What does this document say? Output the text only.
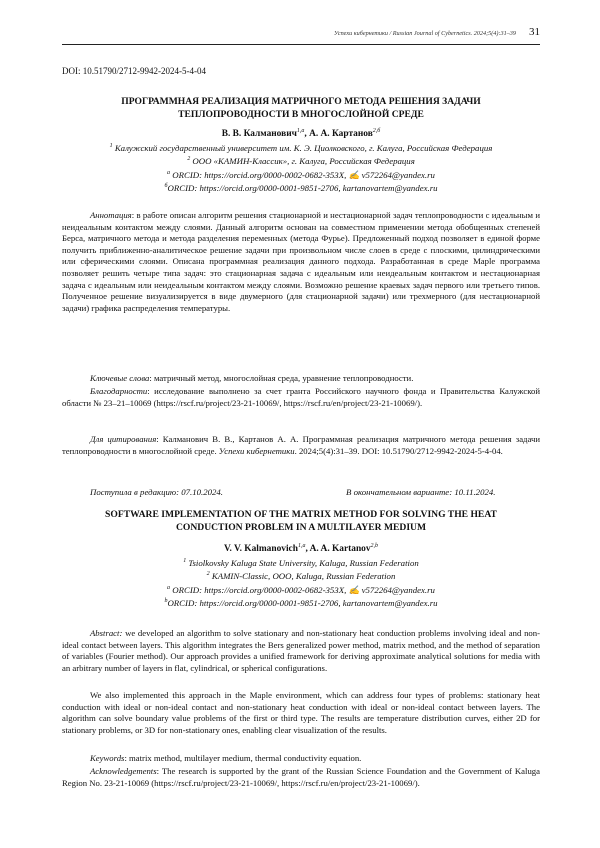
Успехи кибернетики / Russian Journal of Cybernetics. 2024;5(4):31–39 31
DOI: 10.51790/2712-9942-2024-5-4-04
ПРОГРАММНАЯ РЕАЛИЗАЦИЯ МАТРИЧНОГО МЕТОДА РЕШЕНИЯ ЗАДАЧИ
ТЕПЛОПРОВОДНОСТИ В МНОГОСЛОЙНОЙ СРЕДЕ
В. В. Калманович$^{1,а}$, А. А. Картанов$^{2,б}$
$^1$ Калужский государственный университет им. К. Э. Циолковского, г. Калуга, Российская Федерация
$^2$ ООО «КАМИН-Классик», г. Калуга, Российская Федерация
$^а$ ORCID: https://orcid.org/0000-0002-0682-353X, ✍ v572264@yandex.ru
$^б$ORCID: https://orcid.org/0000-0001-9851-2706, kartanovartem@yandex.ru
Аннотация: в работе описан алгоритм решения стационарной и нестационарной задач теплопроводности с идеальным и неидеальным контактом между слоями. Данный алгоритм основан на совместном применении метода обобщенных степеней Берса, матричного метода и метода разделения переменных (метода Фурье). Предложенный подход позволяет в единой форме получить приближенно-аналитическое решение задачи при произвольном числе слоев в среде с плоскими, цилиндрическими или сферическими слоями. Описана программная реализация данного подхода. Разработанная в среде Maple программа позволяет решить четыре типа задач: это стационарная задача с идеальным или неидеальным контактом и нестационарная задача с идеальным или неидеальным контактом между слоями. Возможно решение краевых задач первого или третьего типов. Полученное решение визуализируется в виде двумерного (для стационарной задачи) или трехмерного (для нестационарной задачи) графика распределения температуры.
Ключевые слова: матричный метод, многослойная среда, уравнение теплопроводности.
Благодарности: исследование выполнено за счет гранта Российского научного фонда и Правительства Калужской области № 23–21–10069 (https://rscf.ru/project/23-21-10069/, https://rscf.ru/en/project/23-21-10069/).
Для цитирования: Калманович В. В., Картанов А. А. Программная реализация матричного метода решения задачи теплопроводности в многослойной среде. Успехи кибернетики. 2024;5(4):31–39. DOI: 10.51790/2712-9942-2024-5-4-04.
Поступила в редакцию: 07.10.2024.	В окончательном варианте: 10.11.2024.
SOFTWARE IMPLEMENTATION OF THE MATRIX METHOD FOR SOLVING THE HEAT
CONDUCTION PROBLEM IN A MULTILAYER MEDIUM
V. V. Kalmanovich$^{1,a}$, A. A. Kartanov$^{2,b}$
$^1$ Tsiolkovsky Kaluga State University, Kaluga, Russian Federation
$^2$ KAMIN-Classic, OOO, Kaluga, Russian Federation
$^a$ ORCID: https://orcid.org/0000-0002-0682-353X, ✍ v572264@yandex.ru
$^b$ORCID: https://orcid.org/0000-0001-9851-2706, kartanovartem@yandex.ru
Abstract: we developed an algorithm to solve stationary and non-stationary heat conduction problems involving ideal and non-ideal contact between layers. This algorithm integrates the Bers generalized power method, matrix method, and the method of separation of variables (Fourier method). Our approach provides a unified framework for deriving approximate analytical solutions for media with an arbitrary number of layers in flat, cylindrical, or spherical configurations.
We also implemented this approach in the Maple environment, which can address four types of problems: stationary heat conduction with ideal or non-ideal contact and non-stationary heat conduction with ideal or non-ideal contact between layers. The algorithm can solve boundary value problems of the first or third type. The results are temperature distribution curves, either 2D for stationary problems, or 3D for non-stationary ones, enabling clear visualization of the results.
Keywords: matrix method, multilayer medium, thermal conductivity equation.
Acknowledgements: The research is supported by the grant of the Russian Science Foundation and the Government of Kaluga Region No. 23-21-10069 (https://rscf.ru/project/23-21-10069/, https://rscf.ru/en/project/23-21-10069/).
